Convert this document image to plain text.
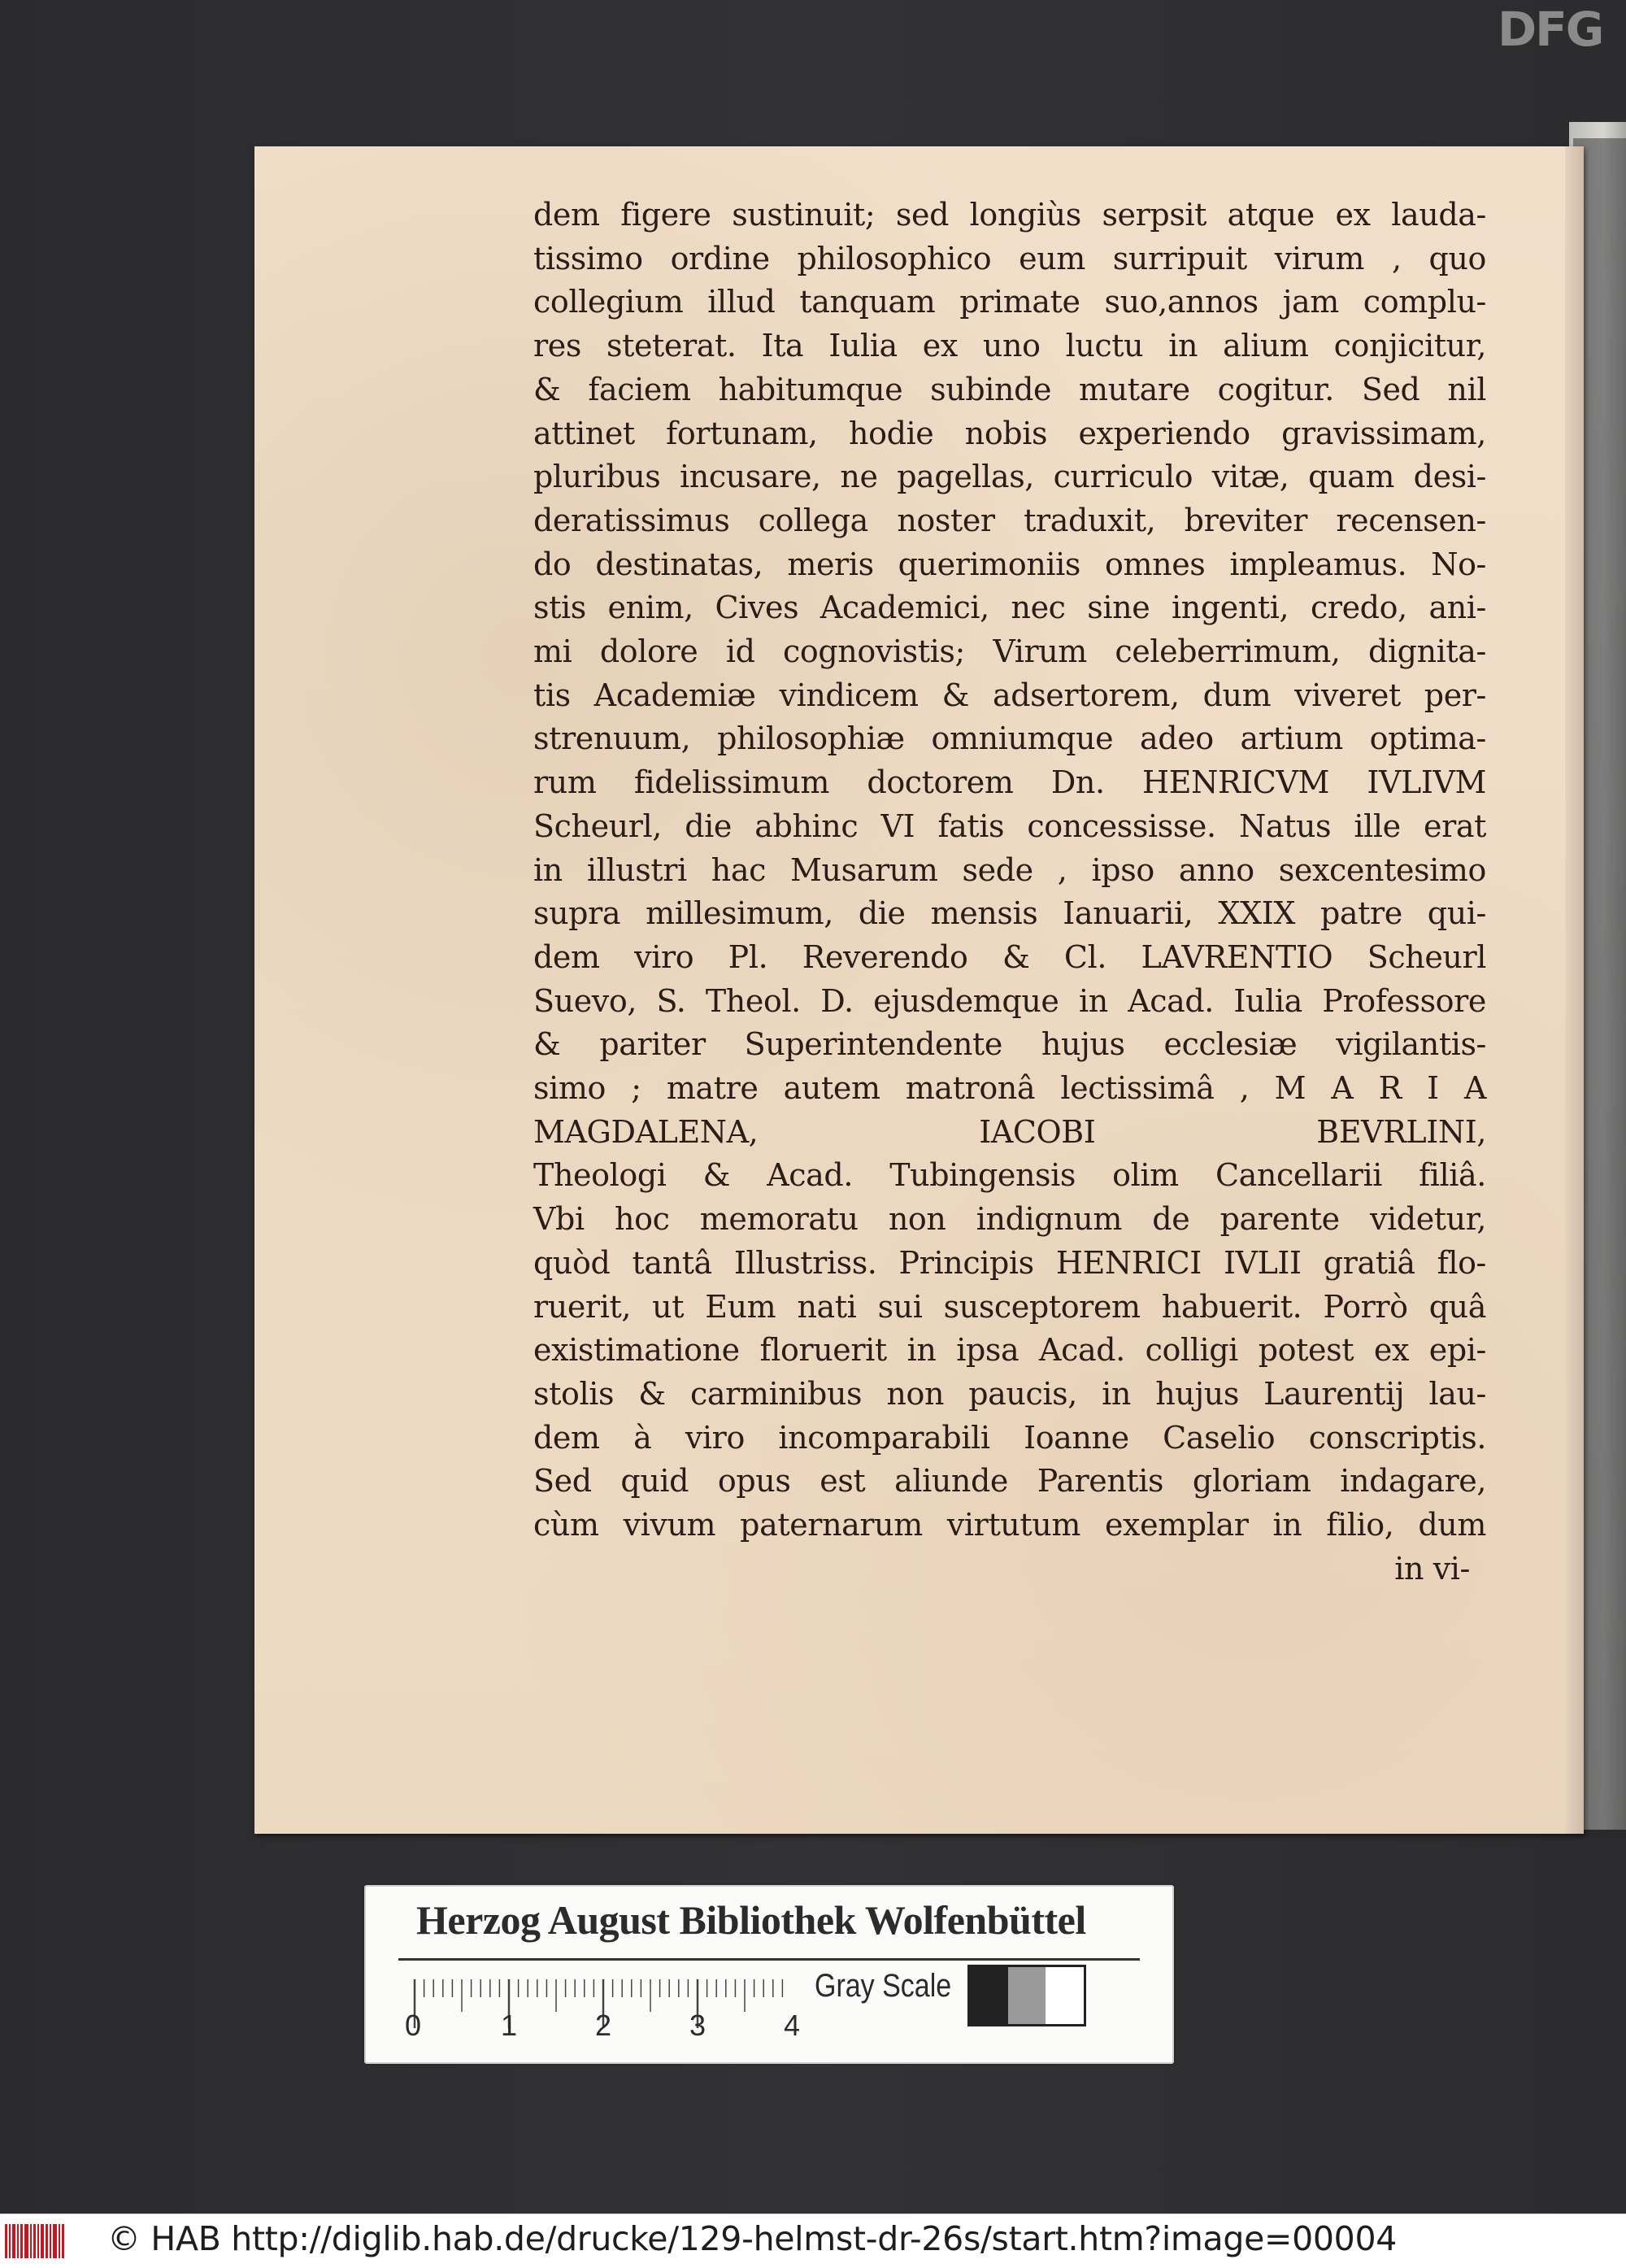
dem figere sustinuit; sed longiùs serpsit atque ex lauda-
tissimo ordine philosophico eum surripuit virum , quo
collegium illud tanquam primate suo,annos jam complu-
res steterat. Ita Iulia ex uno luctu in alium conjicitur,
& faciem habitumque subinde mutare cogitur. Sed nil
attinet fortunam, hodie nobis experiendo gravissimam,
pluribus incusare, ne pagellas, curriculo vitæ, quam desi-
deratissimus collega noster traduxit, breviter recensen-
do destinatas, meris querimoniis omnes impleamus. No-
stis enim, Cives Academici, nec sine ingenti, credo, ani-
mi dolore id cognovistis; Virum celeberrimum, dignita-
tis Academiæ vindicem & adsertorem, dum viveret per-
strenuum, philosophiæ omniumque adeo artium optima-
rum fidelissimum doctorem Dn. HENRICVM IVLIVM
Scheurl, die abhinc VI fatis concessisse. Natus ille erat
in illustri hac Musarum sede , ipso anno sexcentesimo
supra millesimum, die mensis Ianuarii, XXIX patre qui-
dem viro Pl. Reverendo & Cl. LAVRENTIO Scheurl
Suevo, S. Theol. D. ejusdemque in Acad. Iulia Professore
& pariter Superintendente hujus ecclesiæ vigilantis-
simo ; matre autem matronâ lectissimâ , M A R I A
MAGDALENA, IACOBI BEVRLINI,
Theologi & Acad. Tubingensis olim Cancellarii filiâ.
Vbi hoc memoratu non indignum de parente videtur,
quòd tantâ Illustriss. Principis HENRICI IVLII gratiâ flo-
ruerit, ut Eum nati sui susceptorem habuerit. Porrò quâ
existimatione floruerit in ipsa Acad. colligi potest ex epi-
stolis & carminibus non paucis, in hujus Laurentij lau-
dem à viro incomparabili Ioanne Caselio conscriptis.
Sed quid opus est aliunde Parentis gloriam indagare,
cùm vivum paternarum virtutum exemplar in filio, dum
in vi-
Herzog August Bibliothek Wolfenbüttel
0	1	2	3	4
Gray Scale
© HAB http://diglib.hab.de/drucke/129-helmst-dr-26s/start.htm?image=00004
DFG
